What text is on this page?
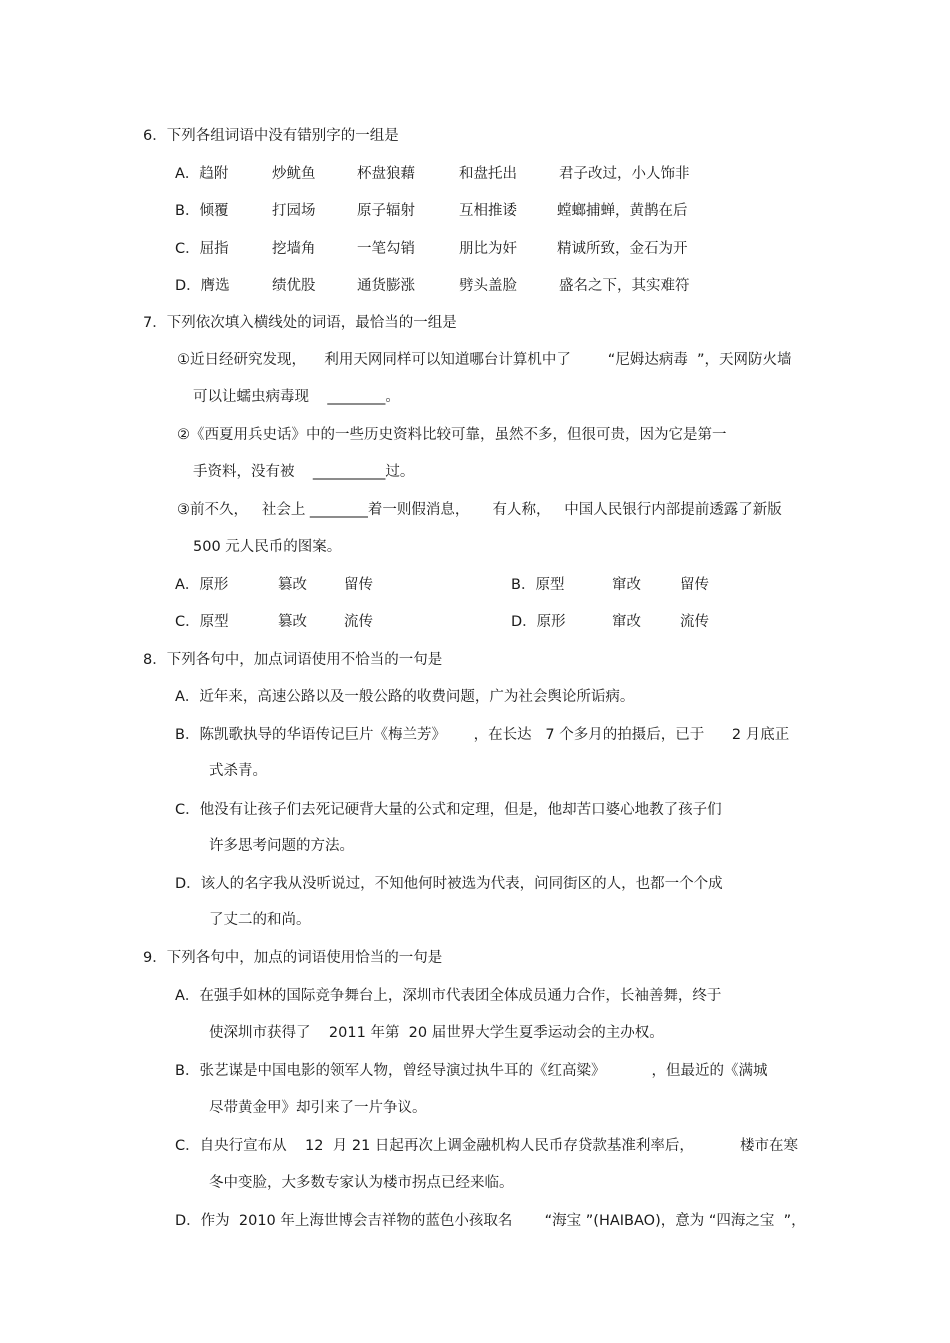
6．下列各组词语中没有错别字的一组是
A．趋附	炒鱿鱼	杯盘狼藉	和盘托出	君子改过，小人饰非
B．倾覆	打园场	原子辐射	互相推诿	螳螂捕蝉，黄鹊在后
C．屈指	挖墙角	一笔勾销	朋比为奸	精诚所致，金石为开
D．膺选	绩优股	通货膨涨	劈头盖脸	盛名之下，其实难符
7．下列依次填入横线处的词语，最恰当的一组是
①近日经研究发现，    利用天网同样可以知道哪台计算机中了        “尼姆达病毒  ”，天网防火墙
可以让蠕虫病毒现    ________。
②《西夏用兵史话》中的一些历史资料比较可靠，虽然不多，但很可贵，因为它是第一
手资料，没有被    __________过。
③前不久，   社会上 ________着一则假消息，     有人称，   中国人民银行内部提前透露了新版
500 元人民币的图案。
A．原形	篡改	留传	B．原型	窜改	留传
C．原型	篡改	流传	D．原形	窜改	流传
8．下列各句中，加点词语使用不恰当的一句是
A．近年来，高速公路以及一般公路的收费问题，广为社会舆论所诟病。
B．陈凯歌执导的华语传记巨片《梅兰芳》      ，在长达   7 个多月的拍摄后，已于      2 月底正
式杀青。
C．他没有让孩子们去死记硬背大量的公式和定理，但是，他却苦口婆心地教了孩子们
许多思考问题的方法。
D．该人的名字我从没听说过，不知他何时被选为代表，问同街区的人，也都一个个成
了丈二的和尚。
9．下列各句中，加点的词语使用恰当的一句是
A．在强手如林的国际竞争舞台上，深圳市代表团全体成员通力合作，长袖善舞，终于
使深圳市获得了    2011 年第  20 届世界大学生夏季运动会的主办权。
B．张艺谋是中国电影的领军人物，曾经导演过执牛耳的《红高粱》          ，但最近的《满城
尽带黄金甲》却引来了一片争议。
C．自央行宣布从    12  月 21 日起再次上调金融机构人民币存贷款基准利率后，          楼市在寒
冬中变脸，大多数专家认为楼市拐点已经来临。
D．作为  2010 年上海世博会吉祥物的蓝色小孩取名       “海宝 ”(HAIBAO)，意为 “四海之宝  ”，
